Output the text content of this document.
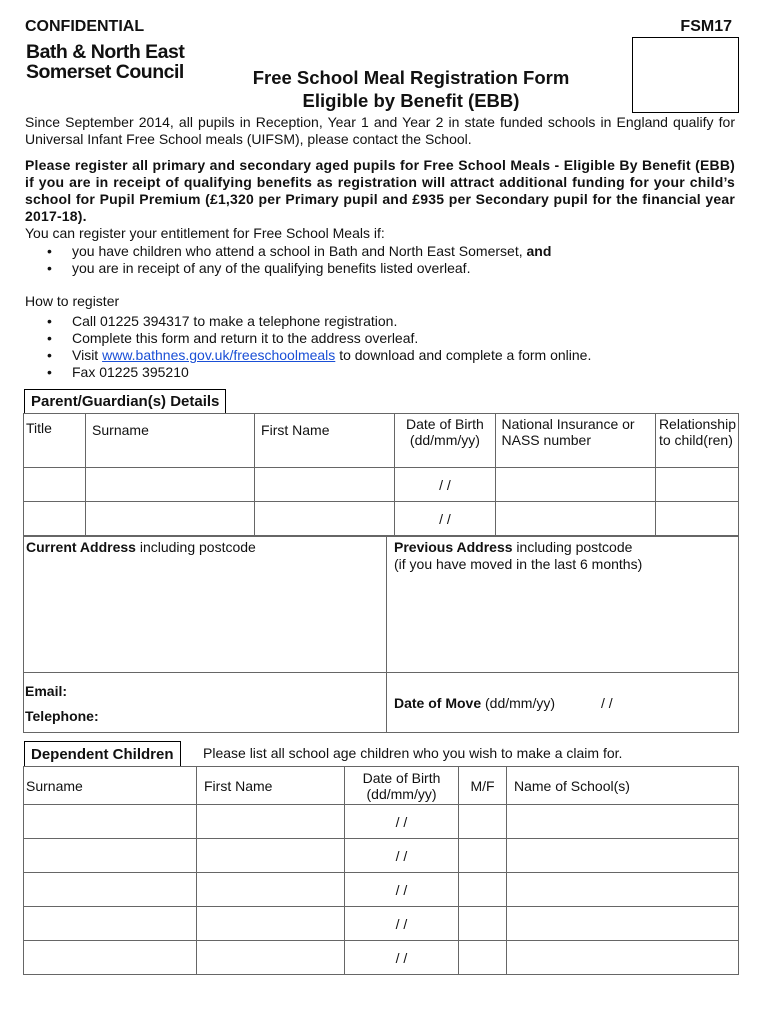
CONFIDENTIAL	FSM17
Bath & North East
Somerset Council	Free School Meal Registration Form
Eligible by Benefit (EBB)
Since September 2014, all pupils in Reception, Year 1 and Year 2 in state funded schools in England qualify for Universal Infant Free School meals (UIFSM), please contact the School.
Please register all primary and secondary aged pupils for Free School Meals - Eligible By Benefit (EBB) if you are in receipt of qualifying benefits as registration will attract additional funding for your child’s school for Pupil Premium (£1,320 per Primary pupil and £935 per Secondary pupil for the financial year 2017-18).
You can register your entitlement for Free School Meals if:
• you have children who attend a school in Bath and North East Somerset, and
• you are in receipt of any of the qualifying benefits listed overleaf.
How to register
• Call 01225 394317 to make a telephone registration.
• Complete this form and return it to the address overleaf.
• Visit www.bathnes.gov.uk/freeschoolmeals to download and complete a form online.
• Fax 01225 395210
Parent/Guardian(s) Details
Title	Surname	First Name	Date of Birth (dd/mm/yy)	National Insurance or NASS number	Relationship to child(ren)
			/ /		
			/ /		
Current Address including postcode	Previous Address including postcode
(if you have moved in the last 6 months)
Email:
Telephone:
Date of Move (dd/mm/yy)	/ /
Dependent Children	Please list all school age children who you wish to make a claim for.
Surname	First Name	Date of Birth (dd/mm/yy)	M/F	Name of School(s)
		/ /		
		/ /		
		/ /		
		/ /		
		/ /		
